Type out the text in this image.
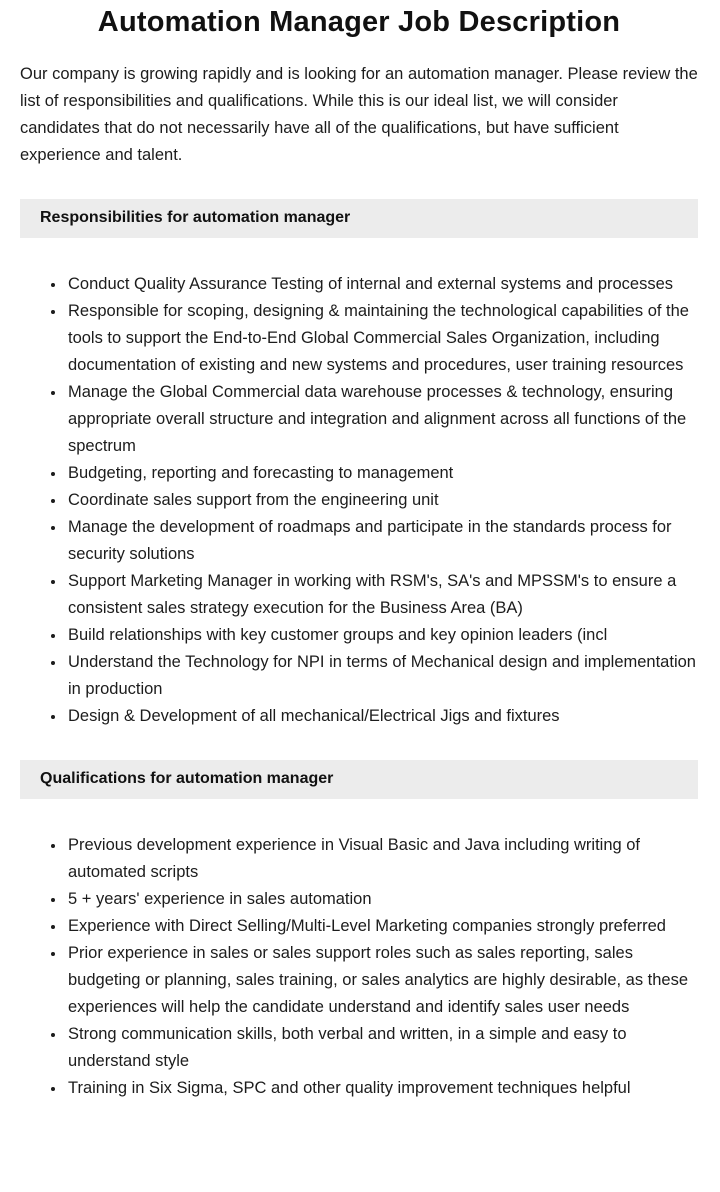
Automation Manager Job Description

Our company is growing rapidly and is looking for an automation manager. Please review the list of responsibilities and qualifications. While this is our ideal list, we will consider candidates that do not necessarily have all of the qualifications, but have sufficient experience and talent.

Responsibilities for automation manager
• Conduct Quality Assurance Testing of internal and external systems and processes
• Responsible for scoping, designing & maintaining the technological capabilities of the tools to support the End-to-End Global Commercial Sales Organization, including documentation of existing and new systems and procedures, user training resources
• Manage the Global Commercial data warehouse processes & technology, ensuring appropriate overall structure and integration and alignment across all functions of the spectrum
• Budgeting, reporting and forecasting to management
• Coordinate sales support from the engineering unit
• Manage the development of roadmaps and participate in the standards process for security solutions
• Support Marketing Manager in working with RSM's, SA's and MPSSM's to ensure a consistent sales strategy execution for the Business Area (BA)
• Build relationships with key customer groups and key opinion leaders (incl
• Understand the Technology for NPI in terms of Mechanical design and implementation in production
• Design & Development of all mechanical/Electrical Jigs and fixtures
Qualifications for automation manager
• Previous development experience in Visual Basic and Java including writing of automated scripts
• 5 + years' experience in sales automation
• Experience with Direct Selling/Multi-Level Marketing companies strongly preferred
• Prior experience in sales or sales support roles such as sales reporting, sales budgeting or planning, sales training, or sales analytics are highly desirable, as these experiences will help the candidate understand and identify sales user needs
• Strong communication skills, both verbal and written, in a simple and easy to understand style
• Training in Six Sigma, SPC and other quality improvement techniques helpful
